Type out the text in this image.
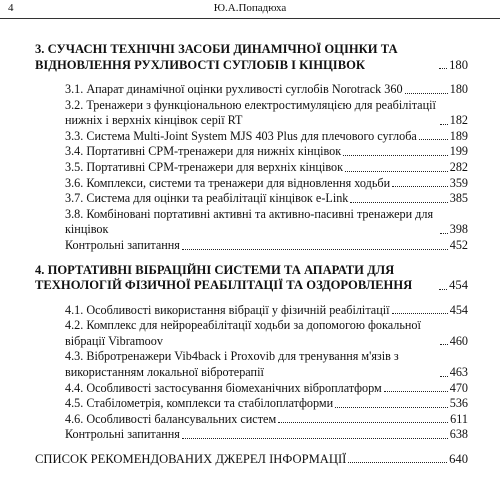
4	Ю.А.Попадюха
3. СУЧАСНІ ТЕХНІЧНІ ЗАСОБИ ДИНАМІЧНОЇ ОЦІНКИ ТА ВІДНОВЛЕННЯ РУХЛИВОСТІ СУГЛОБІВ І КІНЦІВОК	180
3.1. Апарат динамічної оцінки рухливості суглобів Norotrack 360	180
3.2. Тренажери з функціональною електростимуляцією для реабілітації нижніх і верхніх кінцівок серії RT	182
3.3. Система Multi-Joint System MJS 403 Plus для плечового суглоба	189
3.4. Портативні CPM-тренажери для нижніх кінцівок	199
3.5. Портативні CPM-тренажери для верхніх кінцівок	282
3.6. Комплекси, системи та тренажери для відновлення ходьби	359
3.7. Система для оцінки та реабілітації кінцівок e-Link	385
3.8. Комбіновані портативні активні та активно-пасивні тренажери для кінцівок	398
Контрольні запитання	452
4. ПОРТАТИВНІ ВІБРАЦІЙНІ СИСТЕМИ ТА АПАРАТИ ДЛЯ ТЕХНОЛОГІЙ ФІЗИЧНОЇ РЕАБІЛІТАЦІЇ ТА ОЗДОРОВЛЕННЯ	454
4.1. Особливості використання вібрації у фізичній реабілітації	454
4.2. Комплекс для нейрореабілітації ходьби за допомогою фокальної вібрації Vibramoov	460
4.3. Вібротренажери Vib4back і Proxovib для тренування м'язів з використанням локальної вібротерапії	463
4.4. Особливості застосування біомеханічних віброплатформ	470
4.5. Стабілометрія, комплекси та стабілоплатформи	536
4.6. Особливості балансувальних систем	611
Контрольні запитання	638
СПИСОК РЕКОМЕНДОВАНИХ ДЖЕРЕЛ ІНФОРМАЦІЇ	640
